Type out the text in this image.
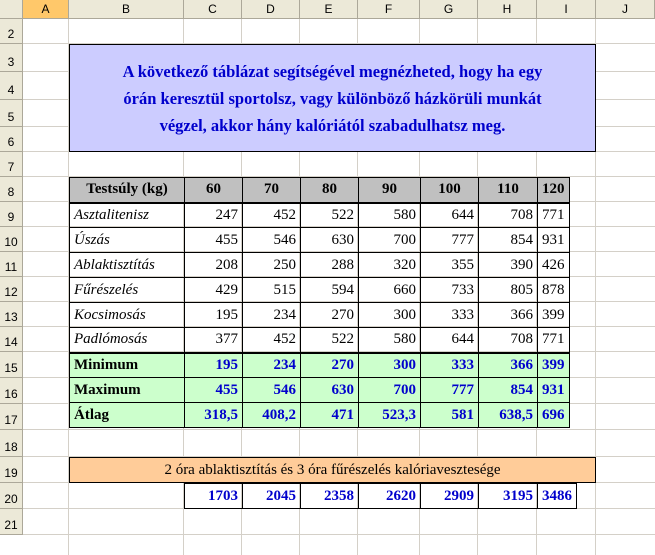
A	B	C	D	E	F	G	H	I	J
2
3
4
5
6
7
8
9
10
11
12
13
14
15
16
17
18
19
20
21
A következő táblázat segítségével megnézheted, hogy ha egy
órán keresztül sportolsz, vagy különböző házkörüli munkát
végzel, akkor hány kalóriától szabadulhatsz meg.
Testsúly (kg)	60	70	80	90	100	110	120
Asztalitenisz	247	452	522	580	644	708	771
Úszás	455	546	630	700	777	854	931
Ablaktisztítás	208	250	288	320	355	390	426
Fűrészelés	429	515	594	660	733	805	878
Kocsimosás	195	234	270	300	333	366	399
Padlómosás	377	452	522	580	644	708	771
Minimum	195	234	270	300	333	366	399
Maximum	455	546	630	700	777	854	931
Átlag	318,5	408,2	471	523,3	581	638,5	696
2 óra ablaktisztítás és 3 óra fűrészelés kalóriavesztesége
1703	2045	2358	2620	2909	3195	3486
